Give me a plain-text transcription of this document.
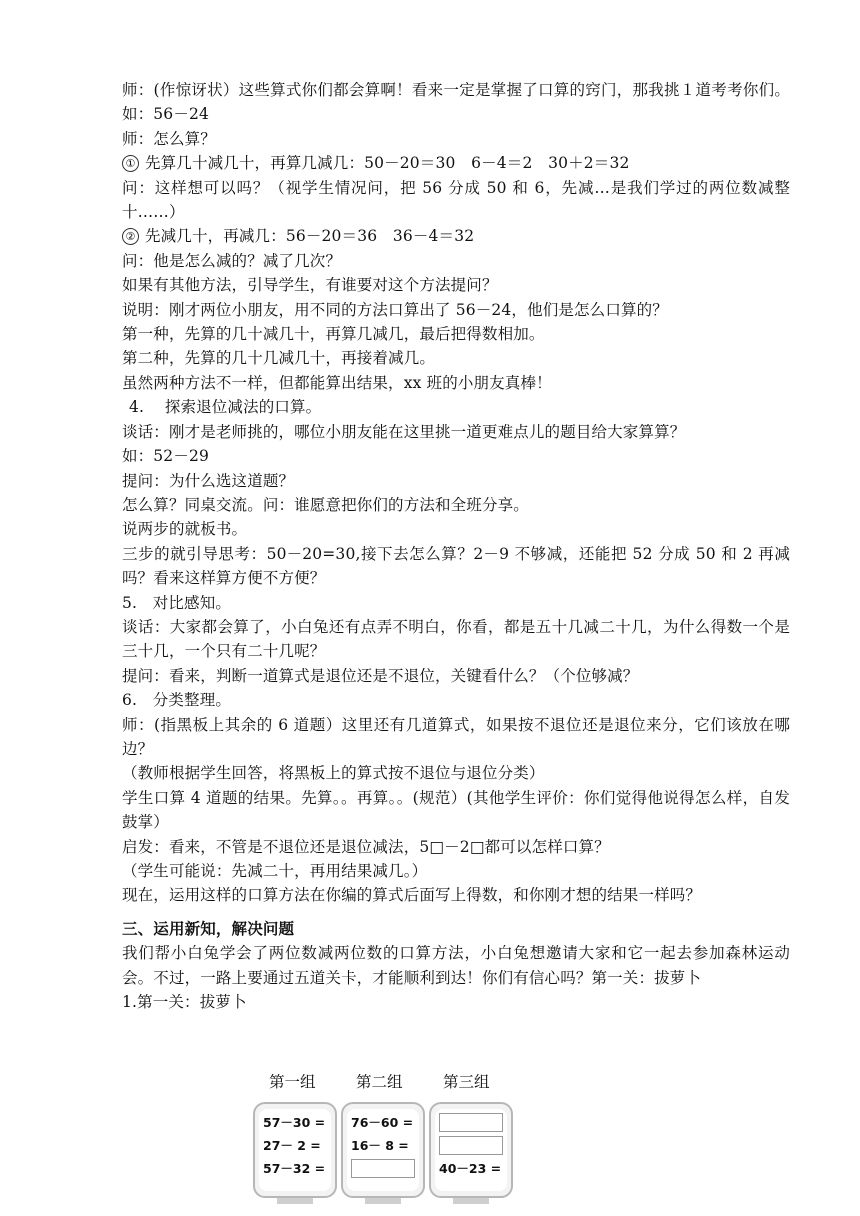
师：(作惊讶状）这些算式你们都会算啊！看来一定是掌握了口算的窍门，那我挑１道考考你们。如：56－24
师：怎么算？
① 先算几十减几十，再算几减几：50－20＝30　6－4＝2　30＋2＝32
问：这样想可以吗？（视学生情况问，把 56 分成 50 和 6，先减…是我们学过的两位数减整十……）
② 先减几十，再减几：56－20＝36　36－4＝32
问：他是怎么减的？减了几次？
如果有其他方法，引导学生，有谁要对这个方法提问？
说明：刚才两位小朋友，用不同的方法口算出了 56－24，他们是怎么口算的？
第一种，先算的几十减几十，再算几减几，最后把得数相加。
第二种，先算的几十几减几十，再接着减几。
虽然两种方法不一样，但都能算出结果，xx 班的小朋友真棒！
4.　 探索退位减法的口算。
谈话：刚才是老师挑的，哪位小朋友能在这里挑一道更难点儿的题目给大家算算？
如：52－29
提问：为什么选这道题？
怎么算？同桌交流。问：谁愿意把你们的方法和全班分享。
说两步的就板书。
三步的就引导思考：50－20=30,接下去怎么算？2－9 不够减，还能把 52 分成 50 和 2 再减吗？看来这样算方便不方便？
5.　对比感知。
谈话：大家都会算了，小白兔还有点弄不明白，你看，都是五十几减二十几，为什么得数一个是三十几，一个只有二十几呢？
提问：看来，判断一道算式是退位还是不退位，关键看什么？（个位够减？
6.　分类整理。
师：(指黑板上其余的 6 道题）这里还有几道算式，如果按不退位还是退位来分，它们该放在哪边？
（教师根据学生回答，将黑板上的算式按不退位与退位分类）
学生口算 4 道题的结果。先算。。再算。。(规范）(其他学生评价：你们觉得他说得怎么样，自发鼓掌）
启发：看来，不管是不退位还是退位减法，5□－2□都可以怎样口算？
（学生可能说：先减二十，再用结果减几。）
现在，运用这样的口算方法在你编的算式后面写上得数，和你刚才想的结果一样吗？
三、运用新知，解决问题
我们帮小白兔学会了两位数减两位数的口算方法，小白兔想邀请大家和它一起去参加森林运动会。不过，一路上要通过五道关卡，才能顺利到达！你们有信心吗？第一关：拔萝卜
1.第一关：拔萝卜
第一组	第二组	第三组
57－30 =
27－ 2 =
57－32 =
76－60 =
16－ 8 =
40－23 =
